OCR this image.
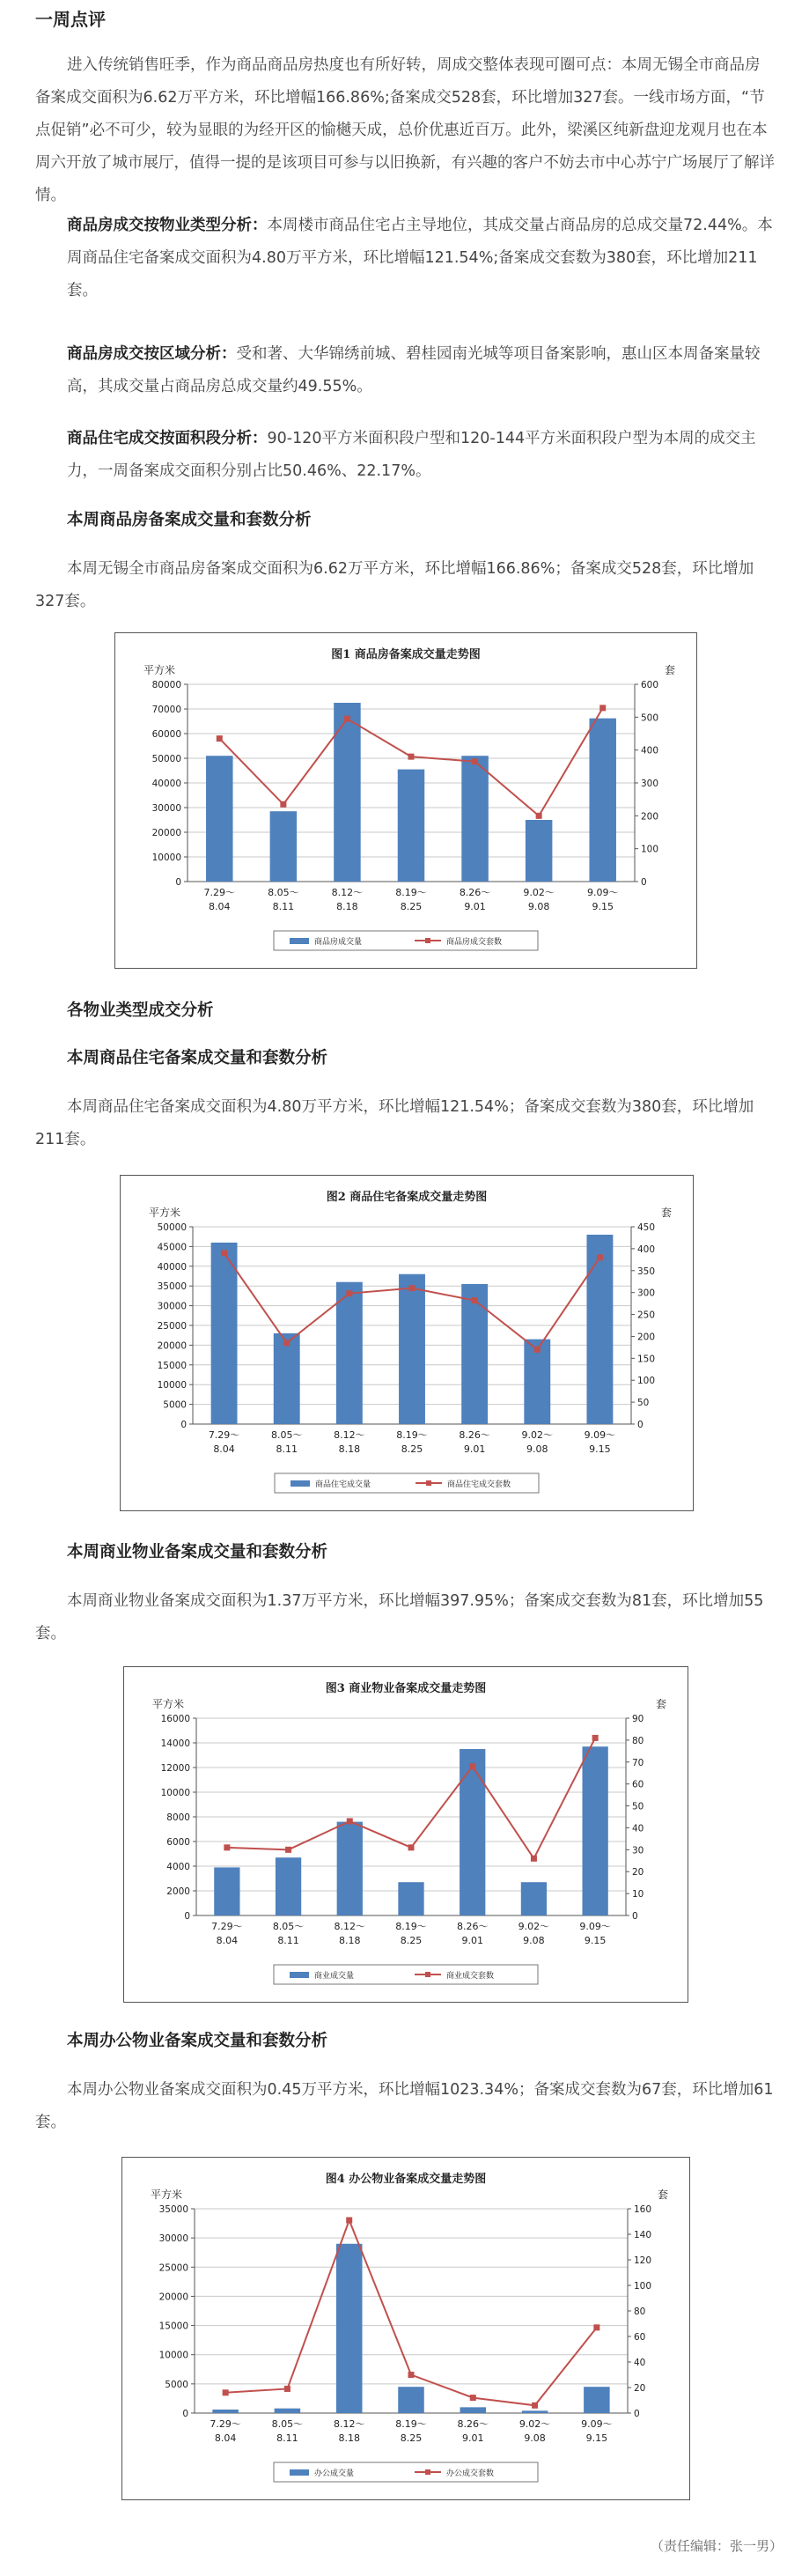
一周点评
进入传统销售旺季，作为商品商品房热度也有所好转，周成交整体表现可圈可点：本周无锡全市商品房备案成交面积为6.62万平方米，环比增幅166.86%;备案成交528套，环比增加327套。一线市场方面，“节点促销”必不可少，较为显眼的为经开区的愉樾天成，总价优惠近百万。此外，梁溪区纯新盘迎龙观月也在本周六开放了城市展厅，值得一提的是该项目可参与以旧换新，有兴趣的客户不妨去市中心苏宁广场展厅了解详情。
商品房成交按物业类型分析：本周楼市商品住宅占主导地位，其成交量占商品房的总成交量72.44%。本周商品住宅备案成交面积为4.80万平方米，环比增幅121.54%;备案成交套数为380套，环比增加211套。
商品房成交按区域分析：受和著、大华锦绣前城、碧桂园南光城等项目备案影响，惠山区本周备案量较高，其成交量占商品房总成交量约49.55%。
商品住宅成交按面积段分析：90-120平方米面积段户型和120-144平方米面积段户型为本周的成交主力，一周备案成交面积分别占比50.46%、22.17%。
本周商品房备案成交量和套数分析
本周无锡全市商品房备案成交面积为6.62万平方米，环比增幅166.86%；备案成交528套，环比增加327套。
图1 商品房备案成交量走势图
平方米	套
0
10000
20000
30000
40000
50000
60000
70000
80000
0
100
200
300
400
500
600
7.29～
8.04
8.05～
8.11
8.12～
8.18
8.19～
8.25
8.26～
9.01
9.02～
9.08
9.09～
9.15
商品房成交量	商品房成交套数
各物业类型成交分析
本周商品住宅备案成交量和套数分析
本周商品住宅备案成交面积为4.80万平方米，环比增幅121.54%；备案成交套数为380套，环比增加211套。
图2 商品住宅备案成交量走势图
平方米	套
0
5000
10000
15000
20000
25000
30000
35000
40000
45000
50000
0
50
100
150
200
250
300
350
400
450
7.29～
8.04
8.05～
8.11
8.12～
8.18
8.19～
8.25
8.26～
9.01
9.02～
9.08
9.09～
9.15
商品住宅成交量	商品住宅成交套数
本周商业物业备案成交量和套数分析
本周商业物业备案成交面积为1.37万平方米，环比增幅397.95%；备案成交套数为81套，环比增加55套。
图3 商业物业备案成交量走势图
平方米	套
0
2000
4000
6000
8000
10000
12000
14000
16000
0
10
20
30
40
50
60
70
80
90
7.29～
8.04
8.05～
8.11
8.12～
8.18
8.19～
8.25
8.26～
9.01
9.02～
9.08
9.09～
9.15
商业成交量	商业成交套数
本周办公物业备案成交量和套数分析
本周办公物业备案成交面积为0.45万平方米，环比增幅1023.34%；备案成交套数为67套，环比增加61套。
图4 办公物业备案成交量走势图
平方米	套
0
5000
10000
15000
20000
25000
30000
35000
0
20
40
60
80
100
120
140
160
7.29～
8.04
8.05～
8.11
8.12～
8.18
8.19～
8.25
8.26～
9.01
9.02～
9.08
9.09～
9.15
办公成交量	办公成交套数
（责任编辑：张一男）
